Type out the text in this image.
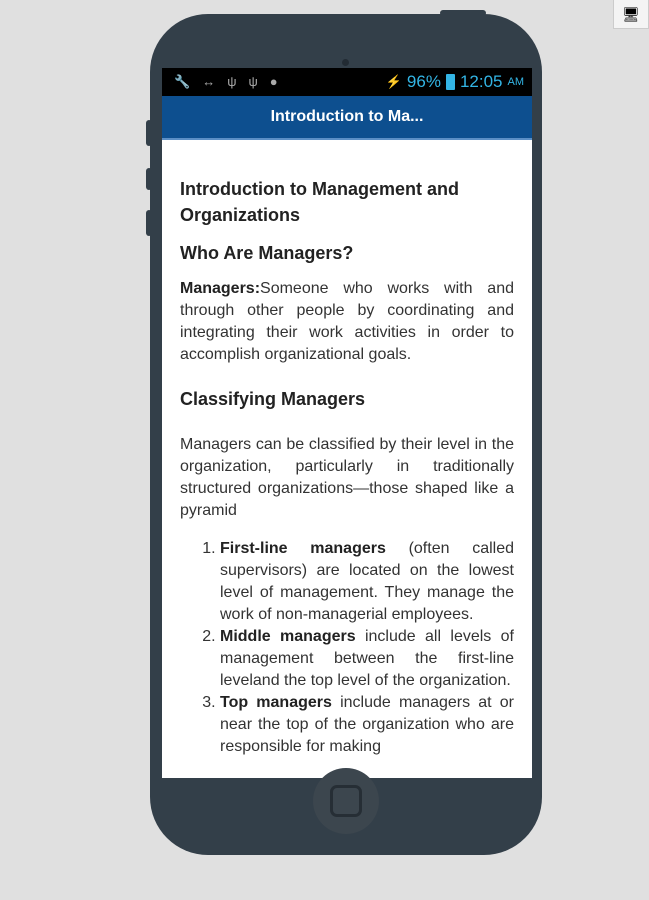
🖥
🔧 ↔ ψ ψ ●	⚡ 96% 12:05 AM
Introduction to Ma...
Introduction to Management and Organizations
Who Are Managers?

Managers:Someone who works with and through other people by coordinating and integrating their work activities in order to accomplish organizational goals.

Classifying Managers

Managers can be classified by their level in the organization, particularly in traditionally structured organizations—those shaped like a pyramid

1. First-line managers (often called supervisors) are located on the lowest level of management. They manage the work of non-managerial employees.
2. Middle managers include all levels of management between the first-line leveland the top level of the organization.
3. Top managers include managers at or near the top of the organization who are responsible for making
